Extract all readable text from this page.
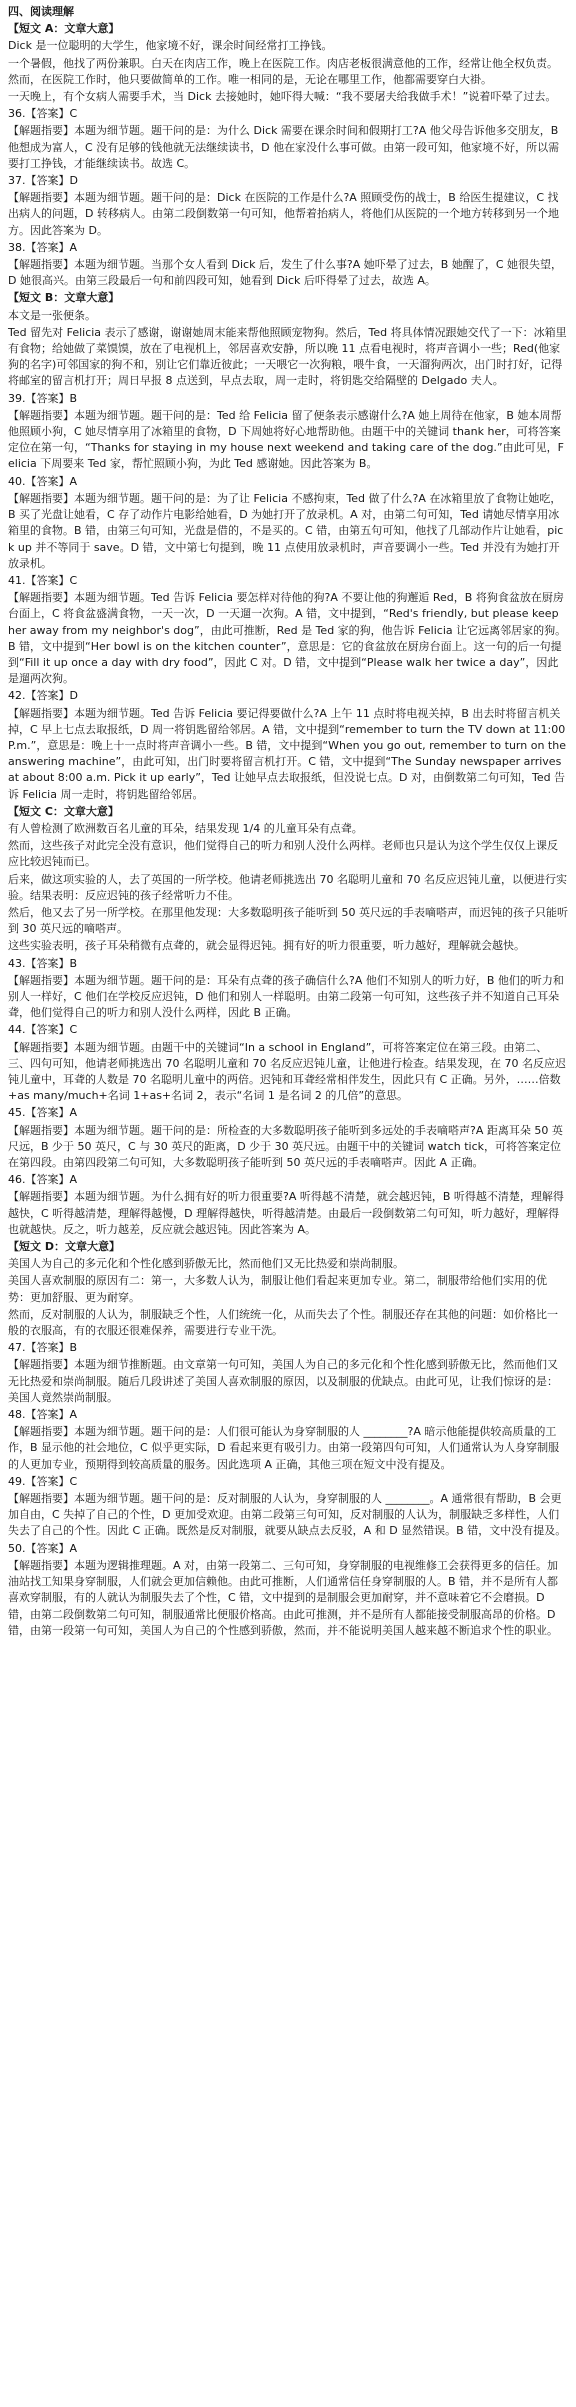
四、阅读理解
【短文 A：文章大意】
Dick 是一位聪明的大学生，他家境不好，课余时间经常打工挣钱。
一个暑假，他找了两份兼职。白天在肉店工作，晚上在医院工作。肉店老板很满意他的工作，经常让他全权负责。然而，在医院工作时，他只要做简单的工作。唯一相同的是，无论在哪里工作，他都需要穿白大褂。
一天晚上，有个女病人需要手术，当 Dick 去接她时，她吓得大喊：“我不要屠夫给我做手术！”说着吓晕了过去。
36.【答案】C
【解题指要】本题为细节题。题干问的是：为什么 Dick 需要在课余时间和假期打工?A 他父母告诉他多交朋友，B 他想成为富人，C 没有足够的钱他就无法继续读书，D 他在家没什么事可做。由第一段可知，他家境不好，所以需要打工挣钱，才能继续读书。故选 C。
37.【答案】D
【解题指要】本题为细节题。题干问的是：Dick 在医院的工作是什么?A 照顾受伤的战士，B 给医生提建议，C 找出病人的问题，D 转移病人。由第二段倒数第一句可知，他帮着抬病人，将他们从医院的一个地方转移到另一个地方。因此答案为 D。
38.【答案】A
【解题指要】本题为细节题。当那个女人看到 Dick 后，发生了什么事?A 她吓晕了过去，B 她醒了，C 她很失望，D 她很高兴。由第三段最后一句和前四段可知，她看到 Dick 后吓得晕了过去，故选 A。
【短文 B：文章大意】
本文是一张便条。
Ted 留先对 Felicia 表示了感谢，谢谢她周末能来帮他照顾宠物狗。然后，Ted 将具体情况跟她交代了一下：冰箱里有食物；给她做了菜馍馍，放在了电视机上，邻居喜欢安静，所以晚 11 点看电视时，将声音调小一些；Red(他家狗的名字)可邻国家的狗不和，别让它们靠近彼此；一天喂它一次狗粮，喂牛食，一天溜狗两次，出门时打好，记得将邮室的留言机打开；周日早报 8 点送到，早点去取，周一走时，将钥匙交给隔壁的 Delgado 夫人。
39.【答案】B
【解题指要】本题为细节题。题干问的是：Ted 给 Felicia 留了便条表示感谢什么?A 她上周待在他家，B 她本周帮他照顾小狗，C 她尽情享用了冰箱里的食物，D 下周她将好心地帮助他。由题干中的关键词 thank her，可将答案定位在第一句，“Thanks for staying in my house next weekend and taking care of the dog.”由此可见，Felicia 下周要来 Ted 家，帮忙照顾小狗，为此 Ted 感谢她。因此答案为 B。
40.【答案】A
【解题指要】本题为细节题。题干问的是：为了让 Felicia 不感拘束，Ted 做了什么?A 在冰箱里放了食物让她吃，B 买了光盘让她看，C 存了动作片电影给她看，D 为她打开了放录机。A 对，由第二句可知，Ted 请她尽情享用冰箱里的食物。B 错，由第三句可知，光盘是借的，不是买的。C 错，由第五句可知，他找了几部动作片让她看，pick up 并不等同于 save。D 错，文中第七句提到，晚 11 点使用放录机时，声音要调小一些。Ted 并没有为她打开放录机。
41.【答案】C
【解题指要】本题为细节题。Ted 告诉 Felicia 要怎样对待他的狗?A 不要让他的狗邂逅 Red，B 将狗食盆放在厨房台面上，C 将食盆盛满食物，一天一次，D 一天遛一次狗。A 错，文中提到，“Red's friendly, but please keep her away from my neighbor's dog”，由此可推断，Red 是 Ted 家的狗，他告诉 Felicia 让它远离邻居家的狗。B 错，文中提到“Her bowl is on the kitchen counter”，意思是：它的食盆放在厨房台面上。这一句的后一句提到“Fill it up once a day with dry food”，因此 C 对。D 错，文中提到“Please walk her twice a day”，因此是遛两次狗。
42.【答案】D
【解题指要】本题为细节题。Ted 告诉 Felicia 要记得要做什么?A 上午 11 点时将电视关掉，B 出去时将留言机关掉，C 早上七点去取报纸，D 周一将钥匙留给邻居。A 错，文中提到“remember to turn the TV down at 11:00 P.m.”，意思是：晚上十一点时将声音调小一些。B 错，文中提到“When you go out, remember to turn on the answering machine”，由此可知，出门时要将留言机打开。C 错，文中提到“The Sunday newspaper arrives at about 8:00 a.m. Pick it up early”，Ted 让她早点去取报纸，但没说七点。D 对，由倒数第二句可知，Ted 告诉 Felicia 周一走时，将钥匙留给邻居。
【短文 C：文章大意】
有人曾检测了欧洲数百名儿童的耳朵，结果发现 1/4 的儿童耳朵有点聋。
然而，这些孩子对此完全没有意识，他们觉得自己的听力和别人没什么两样。老师也只是认为这个学生仅仅上课反应比较迟钝而已。
后来，做这项实验的人，去了英国的一所学校。他请老师挑选出 70 名聪明儿童和 70 名反应迟钝儿童，以便进行实验。结果表明：反应迟钝的孩子经常听力不佳。
然后，他又去了另一所学校。在那里他发现：大多数聪明孩子能听到 50 英尺远的手表嘀嗒声，而迟钝的孩子只能听到 30 英尺远的嘀嗒声。
这些实验表明，孩子耳朵稍微有点聋的，就会显得迟钝。拥有好的听力很重要，听力越好，理解就会越快。
43.【答案】B
【解题指要】本题为细节题。题干问的是：耳朵有点聋的孩子确信什么?A 他们不知别人的听力好，B 他们的听力和别人一样好，C 他们在学校反应迟钝，D 他们和别人一样聪明。由第二段第一句可知，这些孩子并不知道自己耳朵聋，他们觉得自己的听力和别人没什么两样，因此 B 正确。
44.【答案】C
【解题指要】本题为细节题。由题干中的关键词“In a school in England”，可将答案定位在第三段。由第二、三、四句可知，他请老师挑选出 70 名聪明儿童和 70 名反应迟钝儿童，让他进行检查。结果发现，在 70 名反应迟钝儿童中，耳聋的人数是 70 名聪明儿童中的两倍。迟钝和耳聋经常相伴发生，因此只有 C 正确。另外，……倍数+as many/much+名词 1+as+名词 2，表示“名词 1 是名词 2 的几倍”的意思。
45.【答案】A
【解题指要】本题为细节题。题干问的是：所检查的大多数聪明孩子能听到多远处的手表嘀嗒声?A 距离耳朵 50 英尺远，B 少于 50 英尺，C 与 30 英尺的距离，D 少于 30 英尺远。由题干中的关键词 watch tick，可将答案定位在第四段。由第四段第二句可知，大多数聪明孩子能听到 50 英尺远的手表嘀嗒声。因此 A 正确。
46.【答案】A
【解题指要】本题为细节题。为什么拥有好的听力很重要?A 听得越不清楚，就会越迟钝，B 听得越不清楚，理解得越快，C 听得越清楚，理解得越慢，D 理解得越快，听得越清楚。由最后一段倒数第二句可知，听力越好，理解得也就越快。反之，听力越差，反应就会越迟钝。因此答案为 A。
【短文 D：文章大意】
美国人为自己的多元化和个性化感到骄傲无比，然而他们又无比热爱和崇尚制服。
美国人喜欢制服的原因有二：第一，大多数人认为，制服让他们看起来更加专业。第二，制服带给他们实用的优势：更加舒服、更为耐穿。
然而，反对制服的人认为，制服缺乏个性，人们统统一化，从而失去了个性。制服还存在其他的问题：如价格比一般的衣服高，有的衣服还很难保养，需要进行专业干洗。
47.【答案】B
【解题指要】本题为细节推断题。由文章第一句可知，美国人为自己的多元化和个性化感到骄傲无比，然而他们又无比热爱和崇尚制服。随后几段讲述了美国人喜欢制服的原因，以及制服的优缺点。由此可见，让我们惊讶的是：美国人竟然崇尚制服。
48.【答案】A
【解题指要】本题为细节题。题干问的是：人们很可能认为身穿制服的人 ________?A 暗示他能提供较高质量的工作，B 显示他的社会地位，C 似乎更实际，D 看起来更有吸引力。由第一段第四句可知，人们通常认为人身穿制服的人更加专业，预期得到较高质量的服务。因此选项 A 正确，其他三项在短文中没有提及。
49.【答案】C
【解题指要】本题为细节题。题干问的是：反对制服的人认为，身穿制服的人 ________。A 通常很有帮助，B 会更加自由，C 失掉了自己的个性，D 更加受欢迎。由第二段第三句可知，反对制服的人认为，制服缺乏多样性，人们失去了自己的个性。因此 C 正确。既然是反对制服，就要从缺点去反驳，A 和 D 显然错误。B 错，文中没有提及。
50.【答案】A
【解题指要】本题为逻辑推理题。A 对，由第一段第二、三句可知，身穿制服的电视维修工会获得更多的信任。加油站找工知果身穿制服，人们就会更加信赖他。由此可推断，人们通常信任身穿制服的人。B 错，并不是所有人都喜欢穿制服，有的人就认为制服失去了个性，C 错，文中提到的是制服会更加耐穿，并不意味着它不会磨损。D 错，由第二段倒数第二句可知，制服通常比便服价格高。由此可推测，并不是所有人都能接受制服高昂的价格。D 错，由第一段第一句可知，美国人为自己的个性感到骄傲，然而，并不能说明美国人越来越不断追求个性的职业。
